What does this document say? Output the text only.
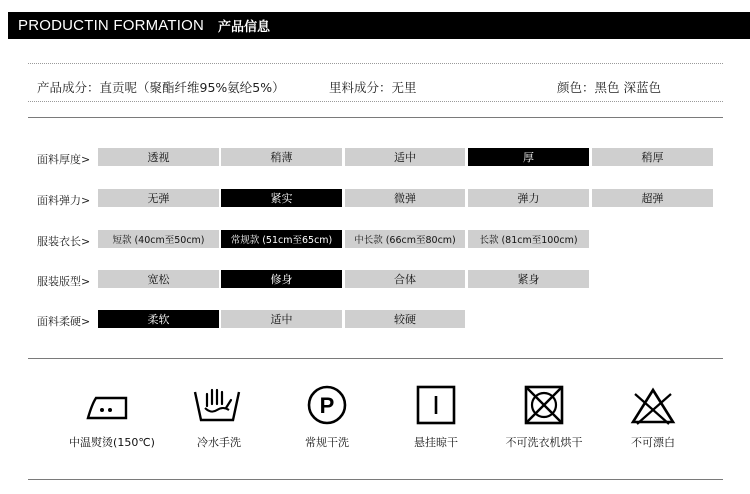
PRODUCTIN FORMATION 产品信息
产品成分：直贡呢（聚酯纤维95%氨纶5%）	里料成分：无里	颜色：黑色 深蓝色
面料厚度>	透视	稍薄	适中	厚	稍厚
面料弹力>	无弹	紧实	微弹	弹力	超弹
服装衣长>	短款 (40cm至50cm)	常规款 (51cm至65cm)	中长款 (66cm至80cm)	长款 (81cm至100cm)
服装版型>	宽松	修身	合体	紧身
面料柔硬>	柔软	适中	较硬
中温熨烫(150℃)	冷水手洗
P
常规干洗	悬挂晾干	不可洗衣机烘干	不可漂白
